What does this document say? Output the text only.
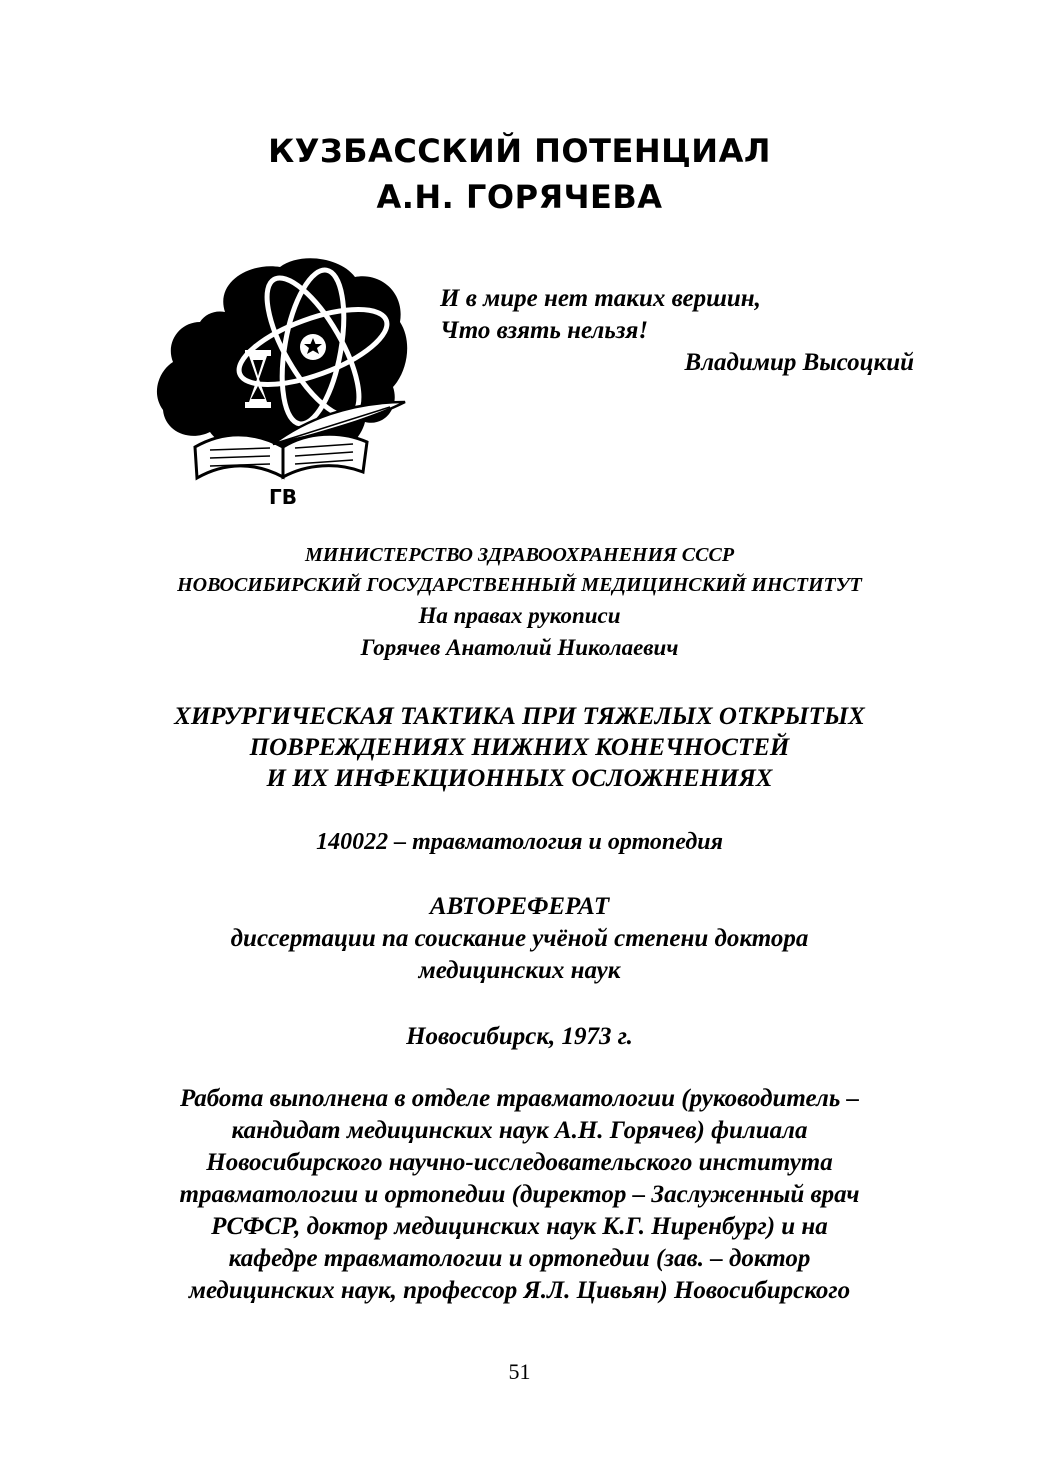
КУЗБАССКИЙ ПОТЕНЦИАЛ
А.Н. ГОРЯЧЕВА
ГВ
И в мире нет таких вершин,
Что взять нельзя!
Владимир Высоцкий
МИНИСТЕРСТВО ЗДРАВООХРАНЕНИЯ СССР
НОВОСИБИРСКИЙ ГОСУДАРСТВЕННЫЙ МЕДИЦИНСКИЙ ИНСТИТУТ
На правах рукописи
Горячев Анатолий Николаевич
ХИРУРГИЧЕСКАЯ ТАКТИКА ПРИ ТЯЖЕЛЫХ ОТКРЫТЫХ
ПОВРЕЖДЕНИЯХ НИЖНИХ КОНЕЧНОСТЕЙ
И ИХ ИНФЕКЦИОННЫХ ОСЛОЖНЕНИЯХ
140022 – травматология и ортопедия
АВТОРЕФЕРАТ
диссертации па соискание учёной степени доктора
медицинских наук
Новосибирск, 1973 г.
Работа выполнена в отделе травматологии (руководитель –
кандидат медицинских наук А.Н. Горячев) филиала
Новосибирского научно-исследовательского института
травматологии и ортопедии (директор – Заслуженный врач
РСФСР, доктор медицинских наук К.Г. Ниренбург) и на
кафедре травматологии и ортопедии (зав. – доктор
медицинских наук, профессор Я.Л. Цивьян) Новосибирского
51
